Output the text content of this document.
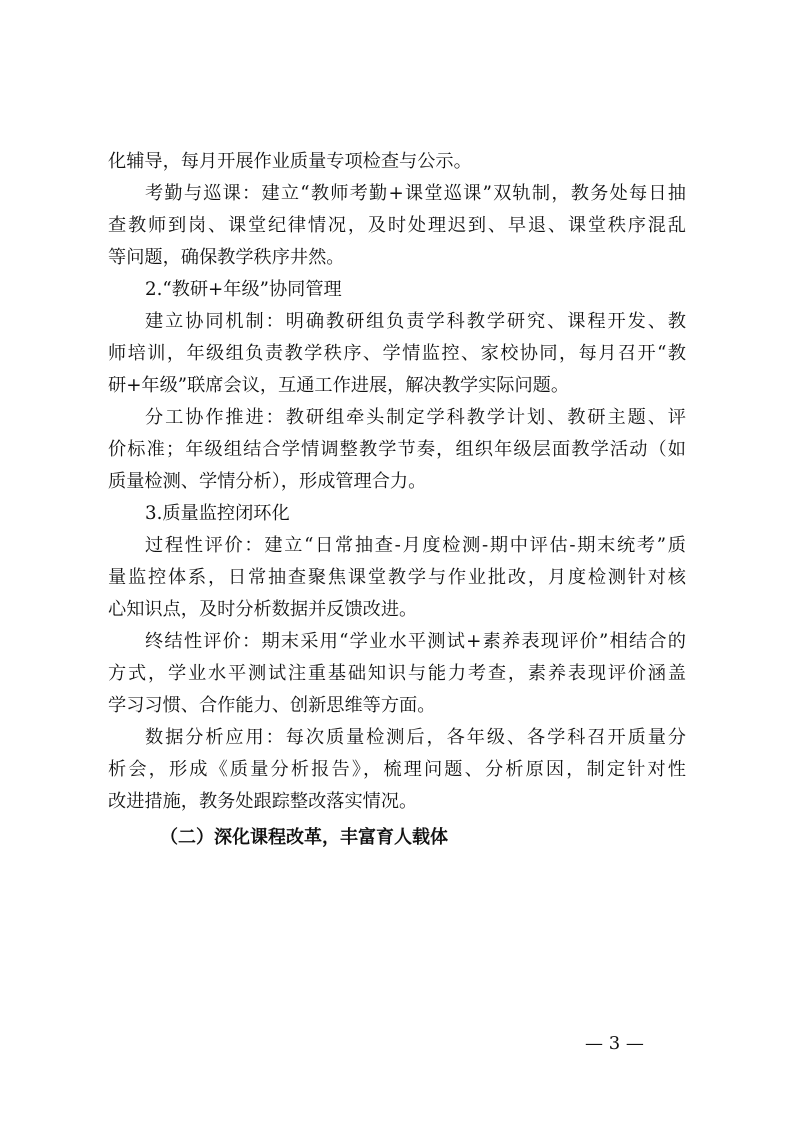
化辅导，每月开展作业质量专项检查与公示。
考勤与巡课：建立“教师考勤+课堂巡课”双轨制，教务处每日抽
查教师到岗、课堂纪律情况，及时处理迟到、早退、课堂秩序混乱
等问题，确保教学秩序井然。
2.“教研+年级”协同管理
建立协同机制：明确教研组负责学科教学研究、课程开发、教
师培训，年级组负责教学秩序、学情监控、家校协同，每月召开“教
研+年级”联席会议，互通工作进展，解决教学实际问题。
分工协作推进：教研组牵头制定学科教学计划、教研主题、评
价标准；年级组结合学情调整教学节奏，组织年级层面教学活动（如
质量检测、学情分析），形成管理合力。
3.质量监控闭环化
过程性评价：建立“日常抽查-月度检测-期中评估-期末统考”质
量监控体系，日常抽查聚焦课堂教学与作业批改，月度检测针对核
心知识点，及时分析数据并反馈改进。
终结性评价：期末采用“学业水平测试+素养表现评价”相结合的
方式，学业水平测试注重基础知识与能力考查，素养表现评价涵盖
学习习惯、合作能力、创新思维等方面。
数据分析应用：每次质量检测后，各年级、各学科召开质量分
析会，形成《质量分析报告》，梳理问题、分析原因，制定针对性
改进措施，教务处跟踪整改落实情况。
（二）深化课程改革，丰富育人载体
— 3 —
